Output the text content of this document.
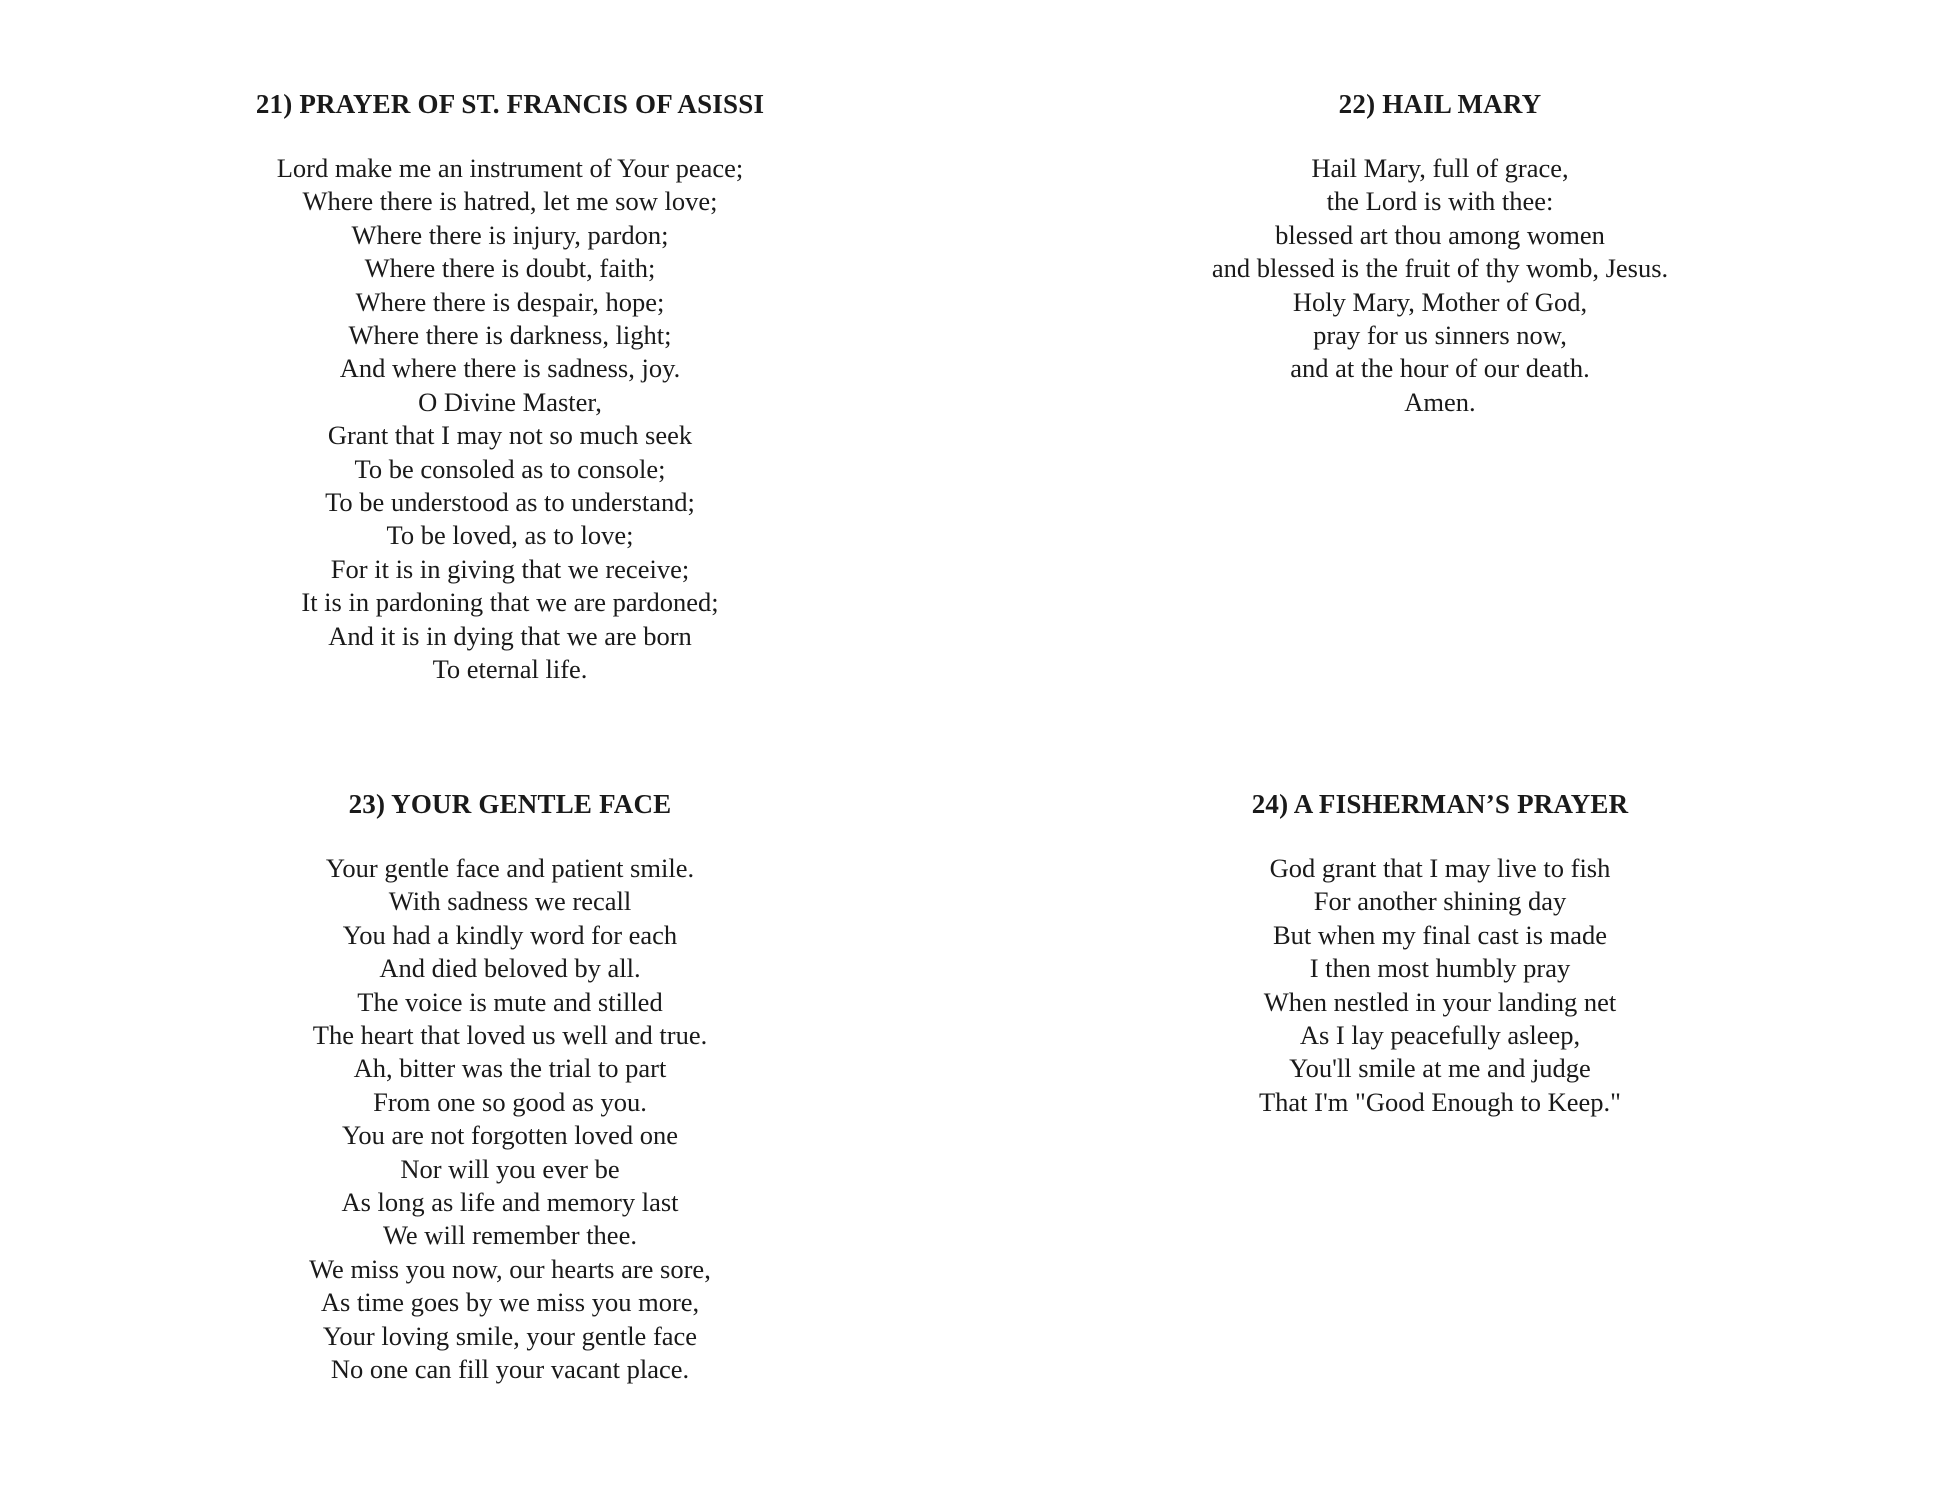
21) PRAYER OF ST. FRANCIS OF ASISSI
Lord make me an instrument of Your peace;
Where there is hatred, let me sow love;
Where there is injury, pardon;
Where there is doubt, faith;
Where there is despair, hope;
Where there is darkness, light;
And where there is sadness, joy.
O Divine Master,
Grant that I may not so much seek
To be consoled as to console;
To be understood as to understand;
To be loved, as to love;
For it is in giving that we receive;
It is in pardoning that we are pardoned;
And it is in dying that we are born
To eternal life.
22) HAIL MARY
Hail Mary, full of grace,
the Lord is with thee:
blessed art thou among women
and blessed is the fruit of thy womb, Jesus.
Holy Mary, Mother of God,
pray for us sinners now,
and at the hour of our death.
Amen.
23) YOUR GENTLE FACE
Your gentle face and patient smile.
With sadness we recall
You had a kindly word for each
And died beloved by all.
The voice is mute and stilled
The heart that loved us well and true.
Ah, bitter was the trial to part
From one so good as you.
You are not forgotten loved one
Nor will you ever be
As long as life and memory last
We will remember thee.
We miss you now, our hearts are sore,
As time goes by we miss you more,
Your loving smile, your gentle face
No one can fill your vacant place.
24) A FISHERMAN’S PRAYER
God grant that I may live to fish
For another shining day
But when my final cast is made
I then most humbly pray
When nestled in your landing net
As I lay peacefully asleep,
You'll smile at me and judge
That I'm "Good Enough to Keep."
